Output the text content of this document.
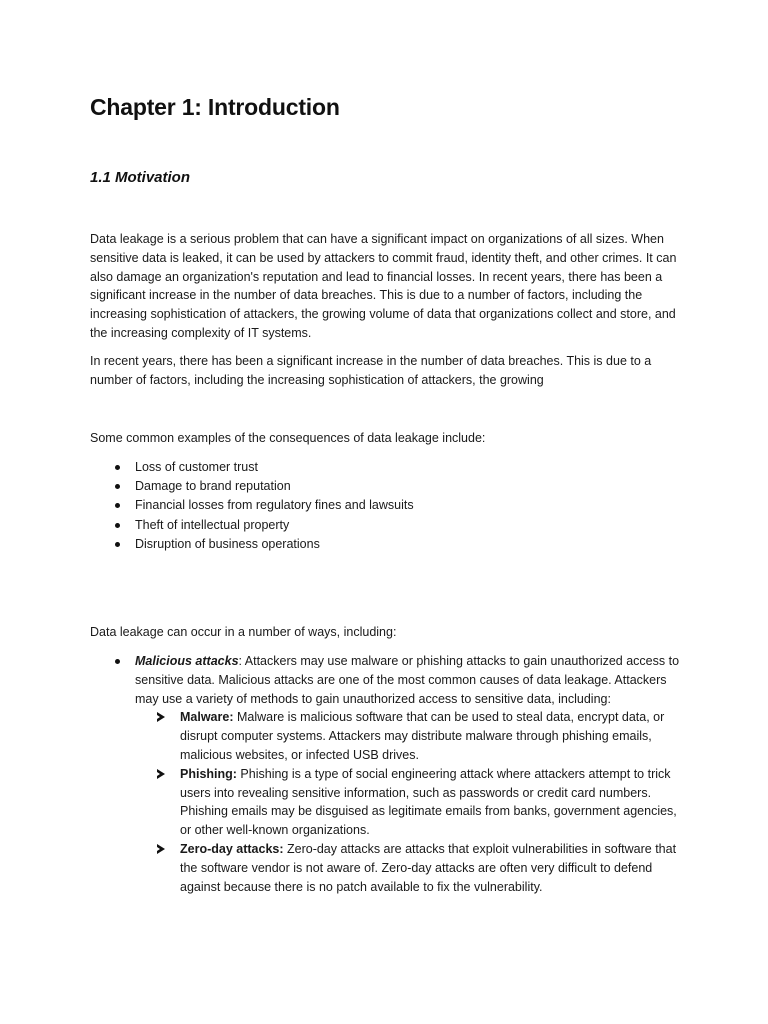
Chapter 1: Introduction
1.1 Motivation

Data leakage is a serious problem that can have a significant impact on organizations of all sizes. When sensitive data is leaked, it can be used by attackers to commit fraud, identity theft, and other crimes. It can also damage an organization's reputation and lead to financial losses. In recent years, there has been a significant increase in the number of data breaches. This is due to a number of factors, including the increasing sophistication of attackers, the growing volume of data that organizations collect and store, and the increasing complexity of IT systems.

In recent years, there has been a significant increase in the number of data breaches. This is due to a number of factors, including the increasing sophistication of attackers, the growing

Some common examples of the consequences of data leakage include:

Loss of customer trust
Damage to brand reputation
Financial losses from regulatory fines and lawsuits
Theft of intellectual property
Disruption of business operations

Data leakage can occur in a number of ways, including:

Malicious attacks: Attackers may use malware or phishing attacks to gain unauthorized access to sensitive data. Malicious attacks are one of the most common causes of data leakage. Attackers may use a variety of methods to gain unauthorized access to sensitive data, including:
Malware: Malware is malicious software that can be used to steal data, encrypt data, or disrupt computer systems. Attackers may distribute malware through phishing emails, malicious websites, or infected USB drives.
Phishing: Phishing is a type of social engineering attack where attackers attempt to trick users into revealing sensitive information, such as passwords or credit card numbers. Phishing emails may be disguised as legitimate emails from banks, government agencies, or other well-known organizations.
Zero-day attacks: Zero-day attacks are attacks that exploit vulnerabilities in software that the software vendor is not aware of. Zero-day attacks are often very difficult to defend against because there is no patch available to fix the vulnerability.
